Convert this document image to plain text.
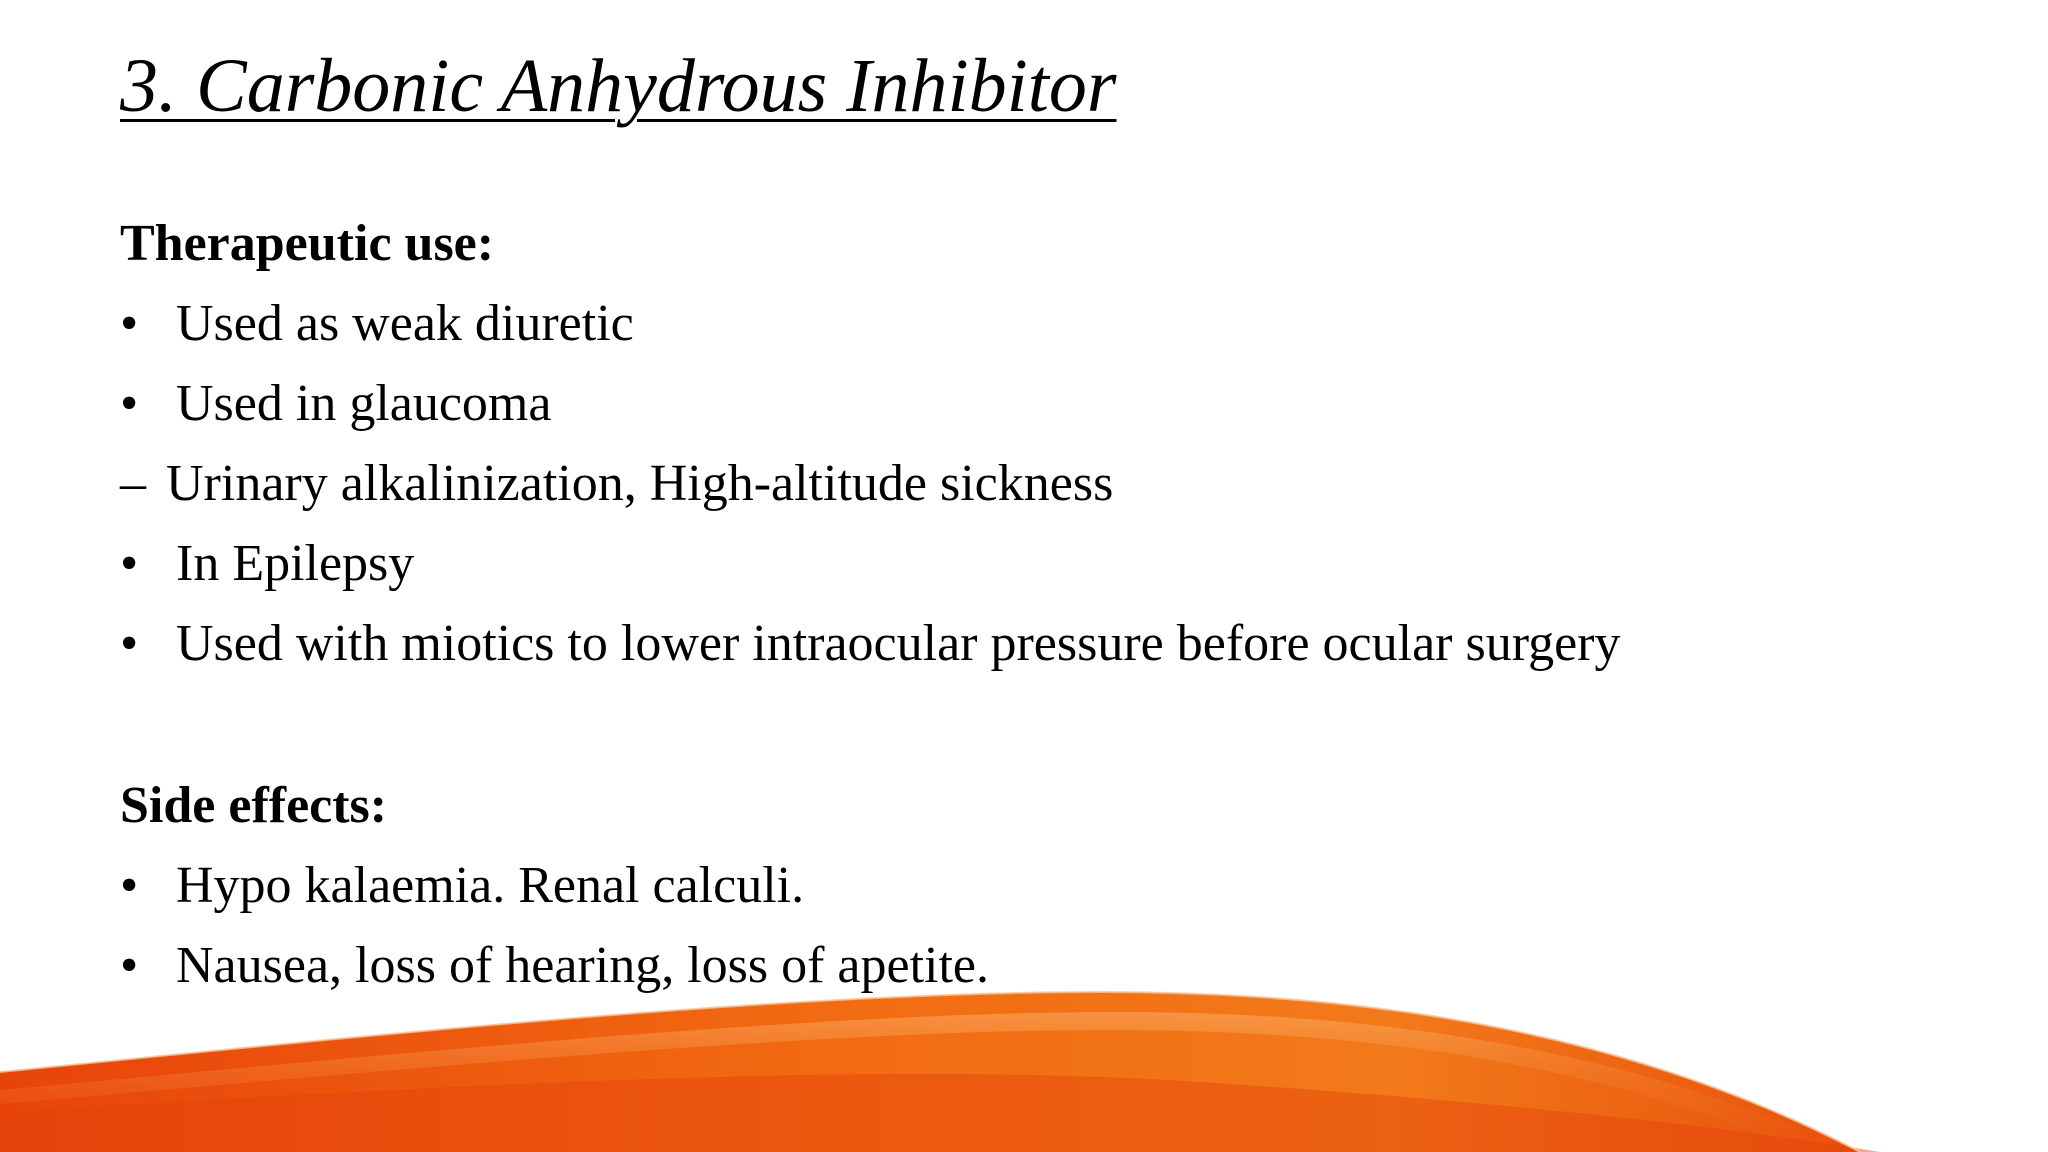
3. Carbonic Anhydrous Inhibitor

Therapeutic use:

• Used as weak diuretic
• Used in glaucoma
– Urinary alkalinization, High-altitude sickness
• In Epilepsy
• Used with miotics to lower intraocular pressure before ocular surgery

Side effects:

• Hypo kalaemia. Renal calculi.
• Nausea, loss of hearing, loss of apetite.
